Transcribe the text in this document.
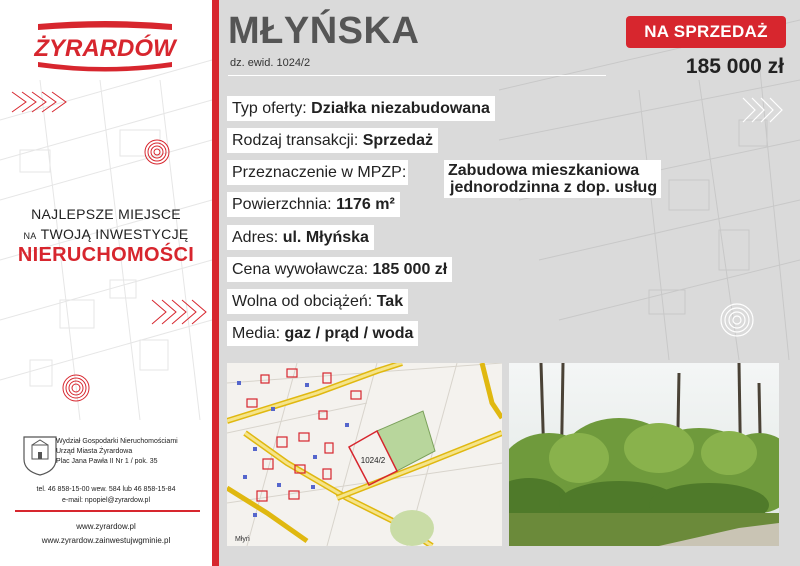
ŻYRARDÓW
NAJLEPSZE MIEJSCE
NA TWOJĄ INWESTYCJĘ
NIERUCHOMOŚCI
Wydział Gospodarki Nieruchomościami
Urząd Miasta Żyrardowa
Plac Jana Pawła II Nr 1 / pok. 35
tel. 46 858-15-00 wew. 584 lub 46 858-15-84
e-mail: npopiel@zyrardow.pl
www.zyrardow.pl
www.zyrardow.zainwestujwgminie.pl
MŁYŃSKA
dz. ewid. 1024/2
NA SPRZEDAŻ
185 000 zł
Typ oferty: Działka niezabudowana
Rodzaj transakcji: Sprzedaż
Przeznaczenie w MPZP:	Zabudowa mieszkaniowa
jednorodzinna z dop. usług
Powierzchnia: 1176 m²
Adres: ul. Młyńska
Cena wywoławcza: 185 000 zł
Wolna od obciążeń: Tak
Media: gaz / prąd / woda
1024/2
Młyń
